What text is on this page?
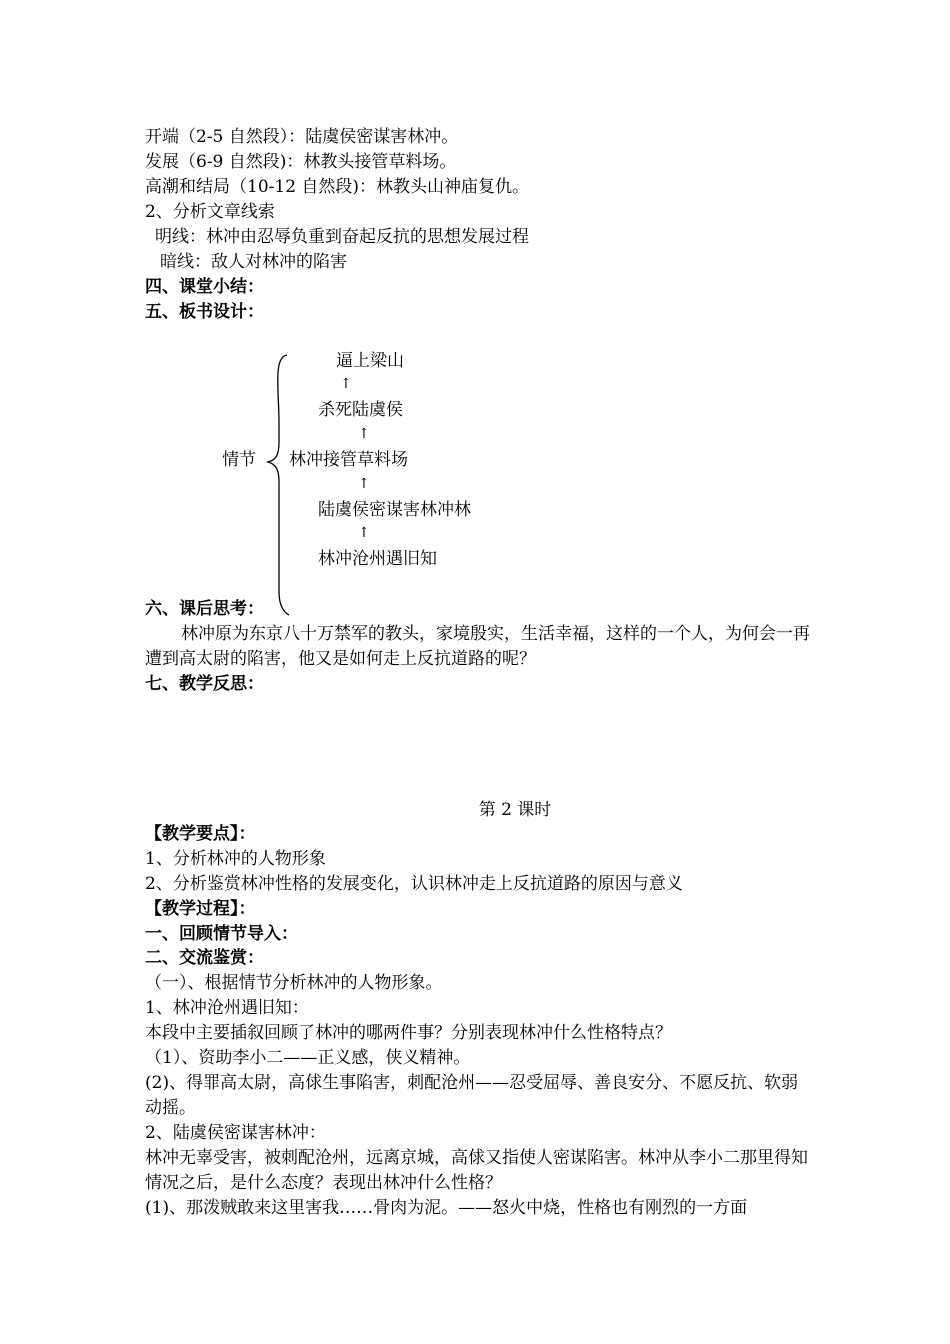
开端（2-5 自然段）：陆虞侯密谋害林冲。
发展（6-9 自然段)：林教头接管草料场。
高潮和结局（10-12 自然段)：林教头山神庙复仇。
2、分析文章线索
明线：林冲由忍辱负重到奋起反抗的思想发展过程
暗线：敌人对林冲的陷害
四、课堂小结：
五、板书设计：
情节
逼上梁山
↑
杀死陆虞侯
↑
林冲接管草料场
↑
陆虞侯密谋害林冲林
↑
林冲沧州遇旧知
六、课后思考：
林冲原为东京八十万禁军的教头，家境殷实，生活幸福，这样的一个人，为何会一再遭到高太尉的陷害，他又是如何走上反抗道路的呢？
七、教学反思：
第 2 课时
【教学要点】：
1、分析林冲的人物形象
2、分析鉴赏林冲性格的发展变化，认识林冲走上反抗道路的原因与意义
【教学过程】：
一、回顾情节导入：
二、交流鉴赏：
（一）、根据情节分析林冲的人物形象。
1、林冲沧州遇旧知：
本段中主要插叙回顾了林冲的哪两件事？分别表现林冲什么性格特点？
（1）、资助李小二——正义感，侠义精神。
(2)、得罪高太尉，高俅生事陷害，刺配沧州——忍受屈辱、善良安分、不愿反抗、软弱动摇。
2、陆虞侯密谋害林冲：
林冲无辜受害，被刺配沧州，远离京城，高俅又指使人密谋陷害。林冲从李小二那里得知情况之后，是什么态度？表现出林冲什么性格？
(1)、那泼贼敢来这里害我……骨肉为泥。——怒火中烧，性格也有刚烈的一方面
